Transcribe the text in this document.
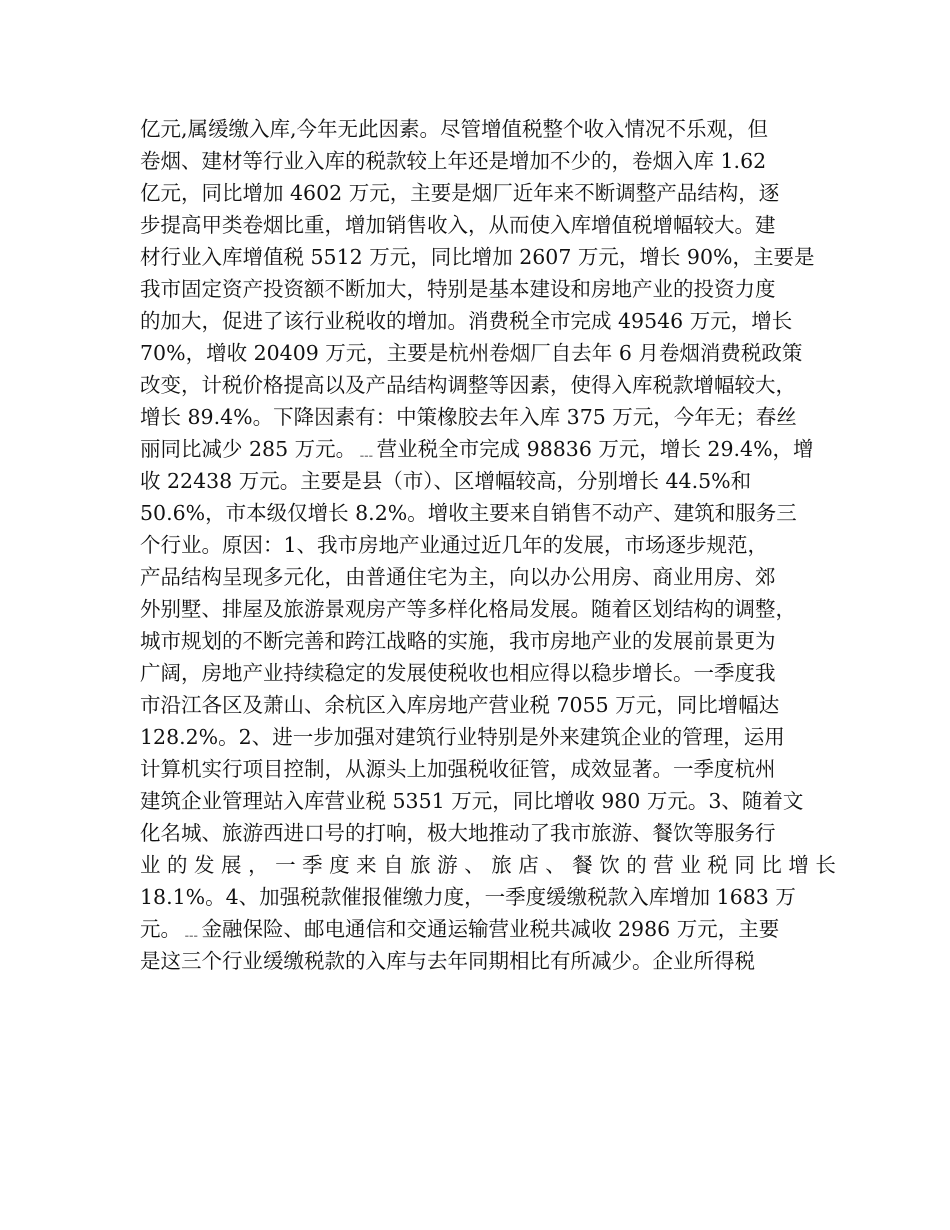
亿元,属缓缴入库,今年无此因素。尽管增值税整个收入情况不乐观，但
卷烟、建材等行业入库的税款较上年还是增加不少的，卷烟入库 1.62
亿元，同比增加 4602 万元，主要是烟厂近年来不断调整产品结构，逐
步提高甲类卷烟比重，增加销售收入，从而使入库增值税增幅较大。建
材行业入库增值税 5512 万元，同比增加 2607 万元，增长 90%，主要是
我市固定资产投资额不断加大，特别是基本建设和房地产业的投资力度
的加大，促进了该行业税收的增加。消费税全市完成 49546 万元，增长
70%，增收 20409 万元，主要是杭州卷烟厂自去年 6 月卷烟消费税政策
改变，计税价格提高以及产品结构调整等因素，使得入库税款增幅较大，
增长 89.4%。下降因素有：中策橡胶去年入库 375 万元，今年无；春丝
丽同比减少 285 万元。﹍营业税全市完成 98836 万元，增长 29.4%，增
收 22438 万元。主要是县（市）、区增幅较高，分别增长 44.5%和
50.6%，市本级仅增长 8.2%。增收主要来自销售不动产、建筑和服务三
个行业。原因：1、我市房地产业通过近几年的发展，市场逐步规范，
产品结构呈现多元化，由普通住宅为主，向以办公用房、商业用房、郊
外别墅、排屋及旅游景观房产等多样化格局发展。随着区划结构的调整，
城市规划的不断完善和跨江战略的实施，我市房地产业的发展前景更为
广阔，房地产业持续稳定的发展使税收也相应得以稳步增长。一季度我
市沿江各区及萧山、余杭区入库房地产营业税 7055 万元，同比增幅达
128.2%。2、进一步加强对建筑行业特别是外来建筑企业的管理，运用
计算机实行项目控制，从源头上加强税收征管，成效显著。一季度杭州
建筑企业管理站入库营业税 5351 万元，同比增收 980 万元。3、随着文
化名城、旅游西进口号的打响，极大地推动了我市旅游、餐饮等服务行
业 的 发 展 ， 一 季 度 来 自 旅 游 、 旅 店 、 餐 饮 的 营 业 税 同 比 增 长
18.1%。4、加强税款催报催缴力度，一季度缓缴税款入库增加 1683 万
元。﹍金融保险、邮电通信和交通运输营业税共减收 2986 万元，主要
是这三个行业缓缴税款的入库与去年同期相比有所减少。企业所得税
